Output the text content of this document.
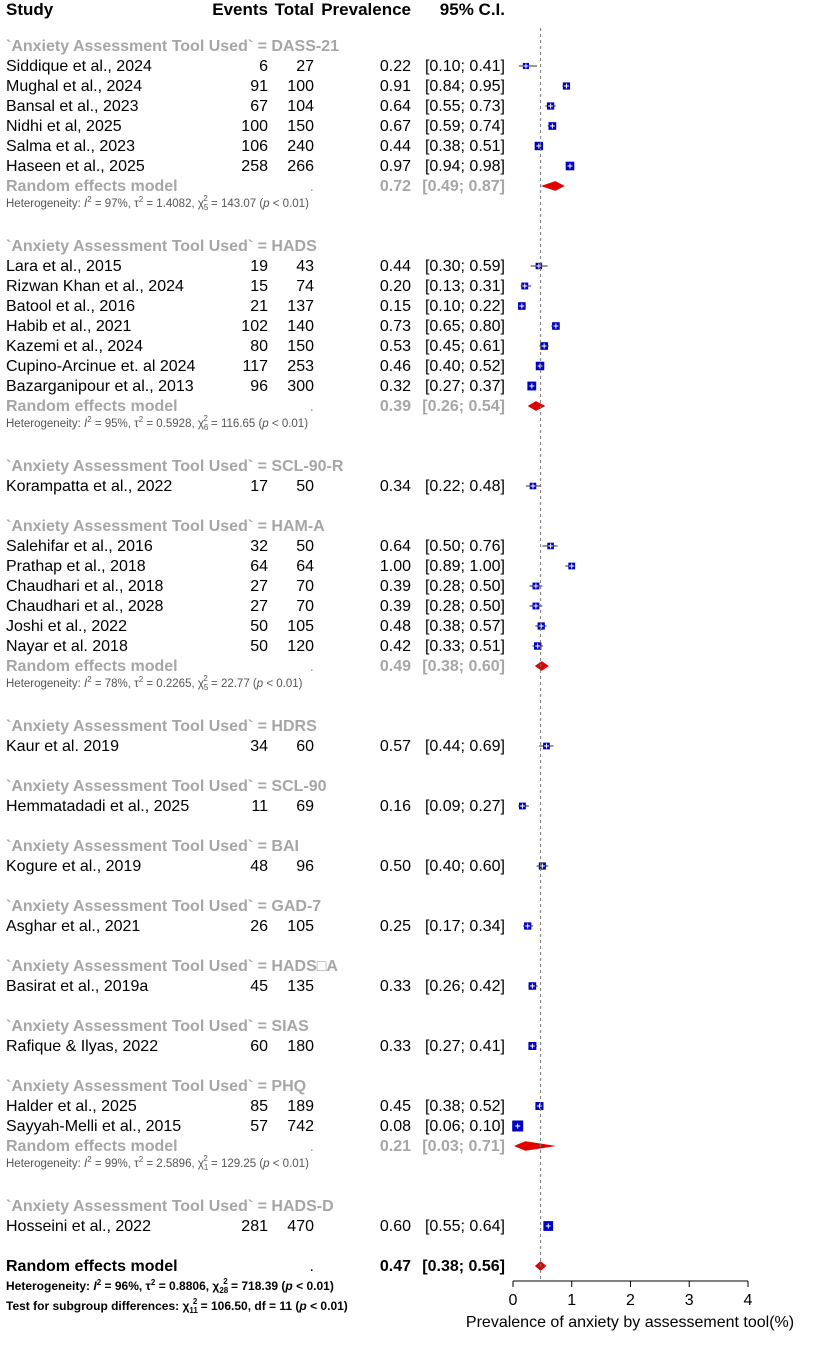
Study	Events Total Prevalence 95% C.I.
`Anxiety Assessment Tool Used` = DASS-21
Siddique et al., 2024	6 27	0.22 [0.10; 0.41]
Mughal et al., 2024	91 100	0.91 [0.84; 0.95]
Bansal et al., 2023	67 104	0.64 [0.55; 0.73]
Nidhi et al, 2025	100 150	0.67 [0.59; 0.74]
Salma et al., 2023	106 240	0.44 [0.38; 0.51]
Haseen et al., 2025	258 266	0.97 [0.94; 0.98]
Random effects model	.	0.72 [0.49; 0.87]
Heterogeneity: $I^2 = 97\%$, $\tau^2 = 1.4082$, $\chi_52 = 143.07$ (p < 0.01)
`Anxiety Assessment Tool Used` = HADS
Lara et al., 2015	19 43	0.44 [0.30; 0.59]
Rizwan Khan et al., 2024	15 74	0.20 [0.13; 0.31]
Batool et al., 2016	21 137	0.15 [0.10; 0.22]
Habib et al., 2021	102 140	0.73 [0.65; 0.80]
Kazemi et al., 2024	80 150	0.53 [0.45; 0.61]
Cupino-Arcinue et. al 2024	117 253	0.46 [0.40; 0.52]
Bazarganipour et al., 2013	96 300	0.32 [0.27; 0.37]
Random effects model	.	0.39 [0.26; 0.54]
Heterogeneity: $I^2 = 95\%$, $\tau^2 = 0.5928$, $\chi_62 = 116.65$ (p < 0.01)
`Anxiety Assessment Tool Used` = SCL-90-R
Korampatta et al., 2022	17 50	0.34 [0.22; 0.48]
`Anxiety Assessment Tool Used` = HAM-A
Salehifar et al., 2016	32 50	0.64 [0.50; 0.76]
Prathap et al., 2018	64 64	1.00 [0.89; 1.00]
Chaudhari et al., 2018	27 70	0.39 [0.28; 0.50]
Chaudhari et al., 2028	27 70	0.39 [0.28; 0.50]
Joshi et al., 2022	50 105	0.48 [0.38; 0.57]
Nayar et al. 2018	50 120	0.42 [0.33; 0.51]
Random effects model	.	0.49 [0.38; 0.60]
Heterogeneity: $I^2 = 78\%$, $\tau^2 = 0.2265$, $\chi_52 = 22.77$ (p < 0.01)
`Anxiety Assessment Tool Used` = HDRS
Kaur et al. 2019	34 60	0.57 [0.44; 0.69]
`Anxiety Assessment Tool Used` = SCL-90
Hemmatadadi et al., 2025	11 69	0.16 [0.09; 0.27]
`Anxiety Assessment Tool Used` = BAI
Kogure et al., 2019	48 96	0.50 [0.40; 0.60]
`Anxiety Assessment Tool Used` = GAD-7
Asghar et al., 2021	26 105	0.25 [0.17; 0.34]
`Anxiety Assessment Tool Used` = HADS□A
Basirat et al., 2019a	45 135	0.33 [0.26; 0.42]
`Anxiety Assessment Tool Used` = SIAS
Rafique & Ilyas, 2022	60 180	0.33 [0.27; 0.41]
`Anxiety Assessment Tool Used` = PHQ
Halder et al., 2025	85 189	0.45 [0.38; 0.52]
Sayyah-Melli et al., 2015	57 742	0.08 [0.06; 0.10]
Random effects model	.	0.21 [0.03; 0.71]
Heterogeneity: $I^2 = 99\%$, $\tau^2 = 2.5896$, $\chi_12 = 129.25$ (p < 0.01)
`Anxiety Assessment Tool Used` = HADS-D
Hosseini et al., 2022	281 470	0.60 [0.55; 0.64]
Random effects model	.	0.47 [0.38; 0.56]
Heterogeneity: $I^2 = 96\%$, $\tau^2 = 0.8806$, $\chi_{28}2 = 718.39$ (p < 0.01)
Test for subgroup differences: $\chi_{11}2 = 106.50$, df = 11 (p < 0.01)	0	1	2	3	4
Prevalence of anxiety by assessement tool(%)
